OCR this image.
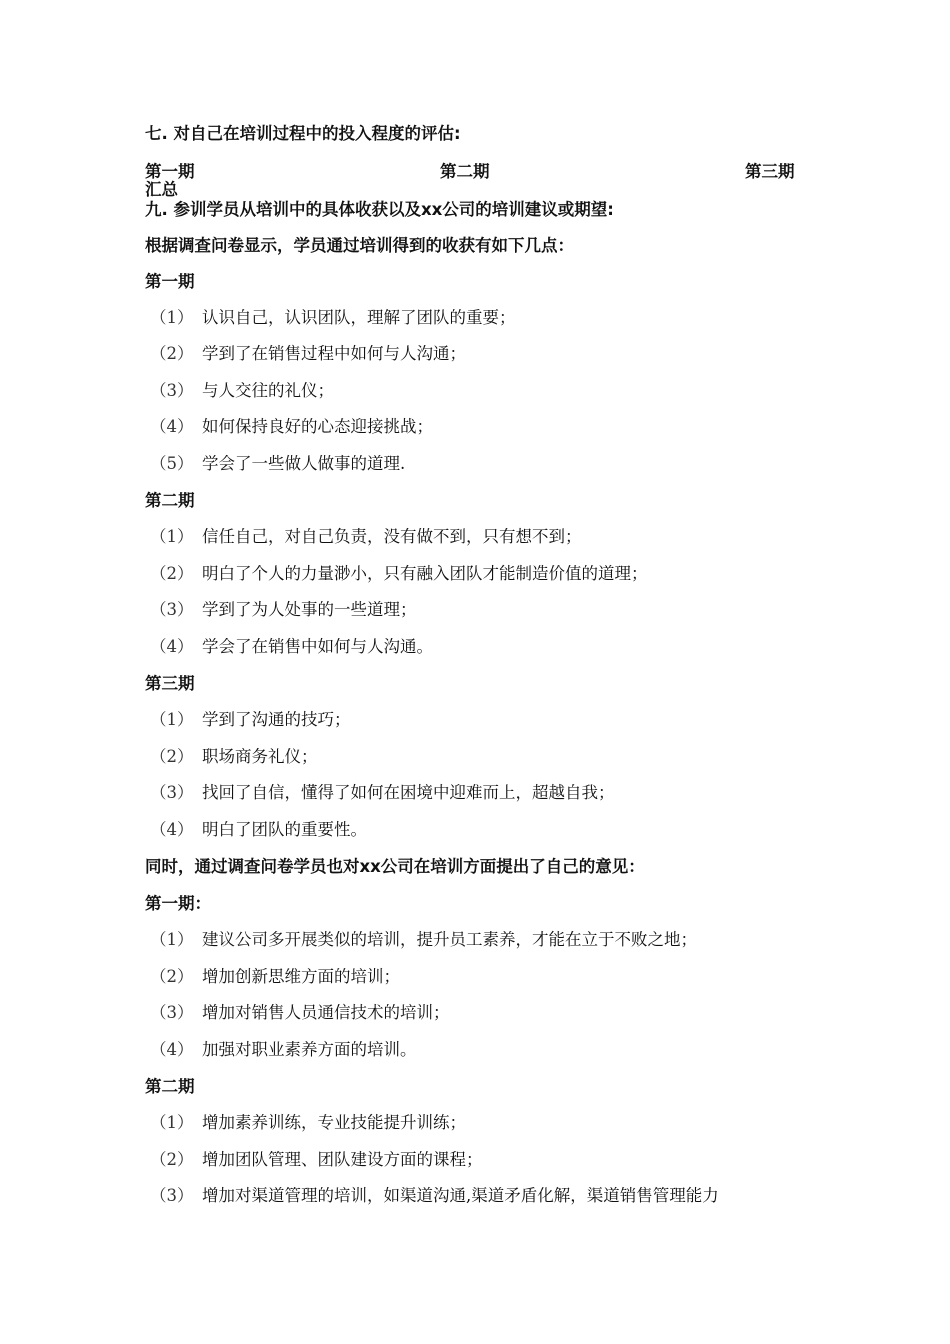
七. 对自己在培训过程中的投入程度的评估:
第一期	第二期	第三期
汇总
九. 参训学员从培训中的具体收获以及xx公司的培训建议或期望:
根据调查问卷显示，学员通过培训得到的收获有如下几点：
第一期
（1） 认识自己，认识团队，理解了团队的重要；
（2） 学到了在销售过程中如何与人沟通；
（3） 与人交往的礼仪；
（4） 如何保持良好的心态迎接挑战；
（5） 学会了一些做人做事的道理.
第二期
（1） 信任自己，对自己负责，没有做不到，只有想不到；
（2） 明白了个人的力量渺小，只有融入团队才能制造价值的道理；
（3） 学到了为人处事的一些道理；
（4） 学会了在销售中如何与人沟通。
第三期
（1） 学到了沟通的技巧；
（2） 职场商务礼仪；
（3） 找回了自信，懂得了如何在困境中迎难而上，超越自我；
（4） 明白了团队的重要性。
同时，通过调查问卷学员也对xx公司在培训方面提出了自己的意见：
第一期：
（1） 建议公司多开展类似的培训，提升员工素养，才能在立于不败之地；
（2） 增加创新思维方面的培训；
（3） 增加对销售人员通信技术的培训；
（4） 加强对职业素养方面的培训。
第二期
（1） 增加素养训练，专业技能提升训练；
（2） 增加团队管理、团队建设方面的课程；
（3） 增加对渠道管理的培训，如渠道沟通,渠道矛盾化解，渠道销售管理能力
